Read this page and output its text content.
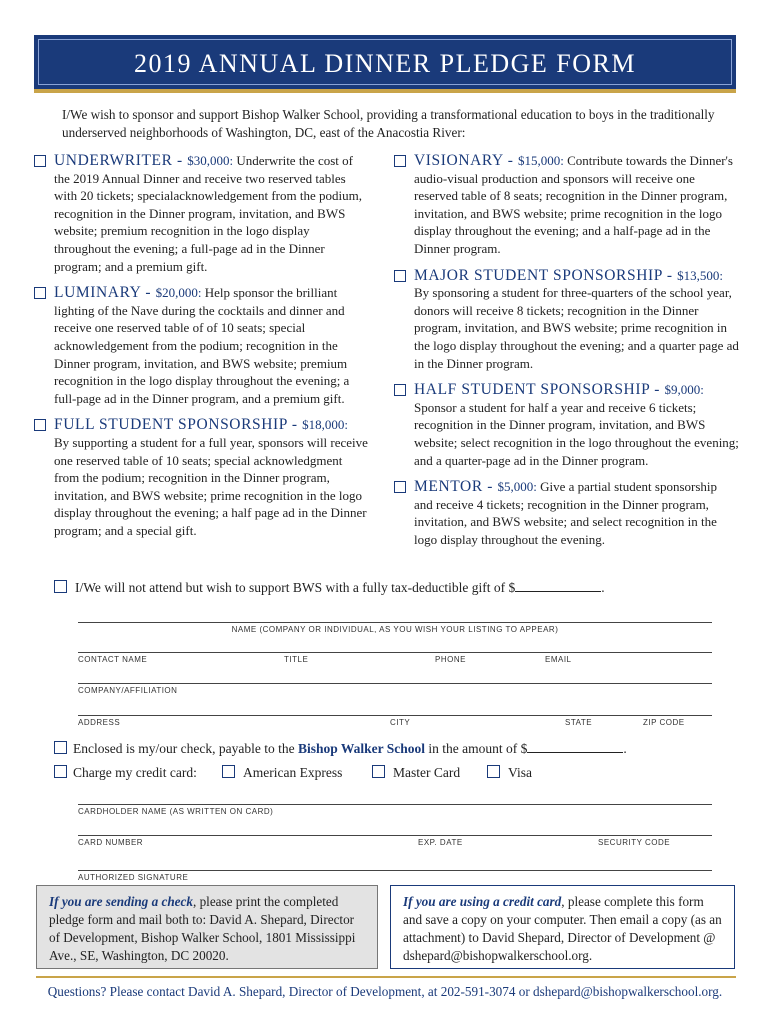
2019 ANNUAL DINNER PLEDGE FORM
I/We wish to sponsor and support Bishop Walker School, providing a transformational education to boys in the traditionally underserved neighborhoods of Washington, DC, east of the Anacostia River:
UNDERWRITER - $30,000: Underwrite the cost of the 2019 Annual Dinner and receive two reserved tables with 20 tickets; specialacknowledgement from the podium, recognition in the Dinner program, invitation, and BWS website; premium recognition in the logo display throughout the evening; a full-page ad in the Dinner program; and a premium gift.
LUMINARY - $20,000: Help sponsor the brilliant lighting of the Nave during the cocktails and dinner and receive one reserved table of of 10 seats; special acknowledgement from the podium; recognition in the Dinner program, invitation, and BWS website; premium recognition in the logo display throughout the evening; a full-page ad in the Dinner program, and a premium gift.
FULL STUDENT SPONSORSHIP - $18,000:
By supporting a student for a full year, sponsors will receive one reserved table of 10 seats; special acknowledgment from the podium; recognition in the Dinner program, invitation, and BWS website; prime recognition in the logo display throughout the evening; a half page ad in the Dinner program; and a special gift.
VISIONARY - $15,000: Contribute towards the Dinner's audio-visual production and sponsors will receive one reserved table of 8 seats; recognition in the Dinner program, invitation, and BWS website; prime recognition in the logo display throughout the evening; and a half-page ad in the Dinner program.
MAJOR STUDENT SPONSORSHIP - $13,500:
By sponsoring a student for three-quarters of the school year, donors will receive 8 tickets; recognition in the Dinner program, invitation, and BWS website; prime recognition in the logo display throughout the evening; and a quarter page ad in the Dinner program.
HALF STUDENT SPONSORSHIP - $9,000:
Sponsor a student for half a year and receive 6 tickets; recognition in the Dinner program, invitation, and BWS website; select recognition in the logo throughout the evening; and a quarter-page ad in the Dinner program.
MENTOR - $5,000: Give a partial student sponsorship and receive 4 tickets; recognition in the Dinner program, invitation, and BWS website; and select recognition in the logo display throughout the evening.
I/We will not attend but wish to support BWS with a fully tax-deductible gift of $	.
NAME (COMPANY OR INDIVIDUAL, AS YOU WISH YOUR LISTING TO APPEAR)
CONTACT NAME	TITLE	PHONE	EMAIL
COMPANY/AFFILIATION
ADDRESS	CITY	STATE	ZIP CODE
Enclosed is my/our check, payable to the Bishop Walker School in the amount of $	.
Charge my credit card:	American Express	Master Card	Visa
CARDHOLDER NAME (AS WRITTEN ON CARD)
CARD NUMBER	EXP. DATE	SECURITY CODE
AUTHORIZED SIGNATURE
If you are sending a check, please print the completed pledge form and mail both to: David A. Shepard, Director of Development, Bishop Walker School, 1801 Mississippi Ave., SE, Washington, DC 20020.
If you are using a credit card, please complete this form and save a copy on your computer. Then email a copy (as an attachment) to David Shepard, Director of Development @ dshepard@bishopwalkerschool.org.
Questions? Please contact David A. Shepard, Director of Development, at 202-591-3074 or dshepard@bishopwalkerschool.org.
